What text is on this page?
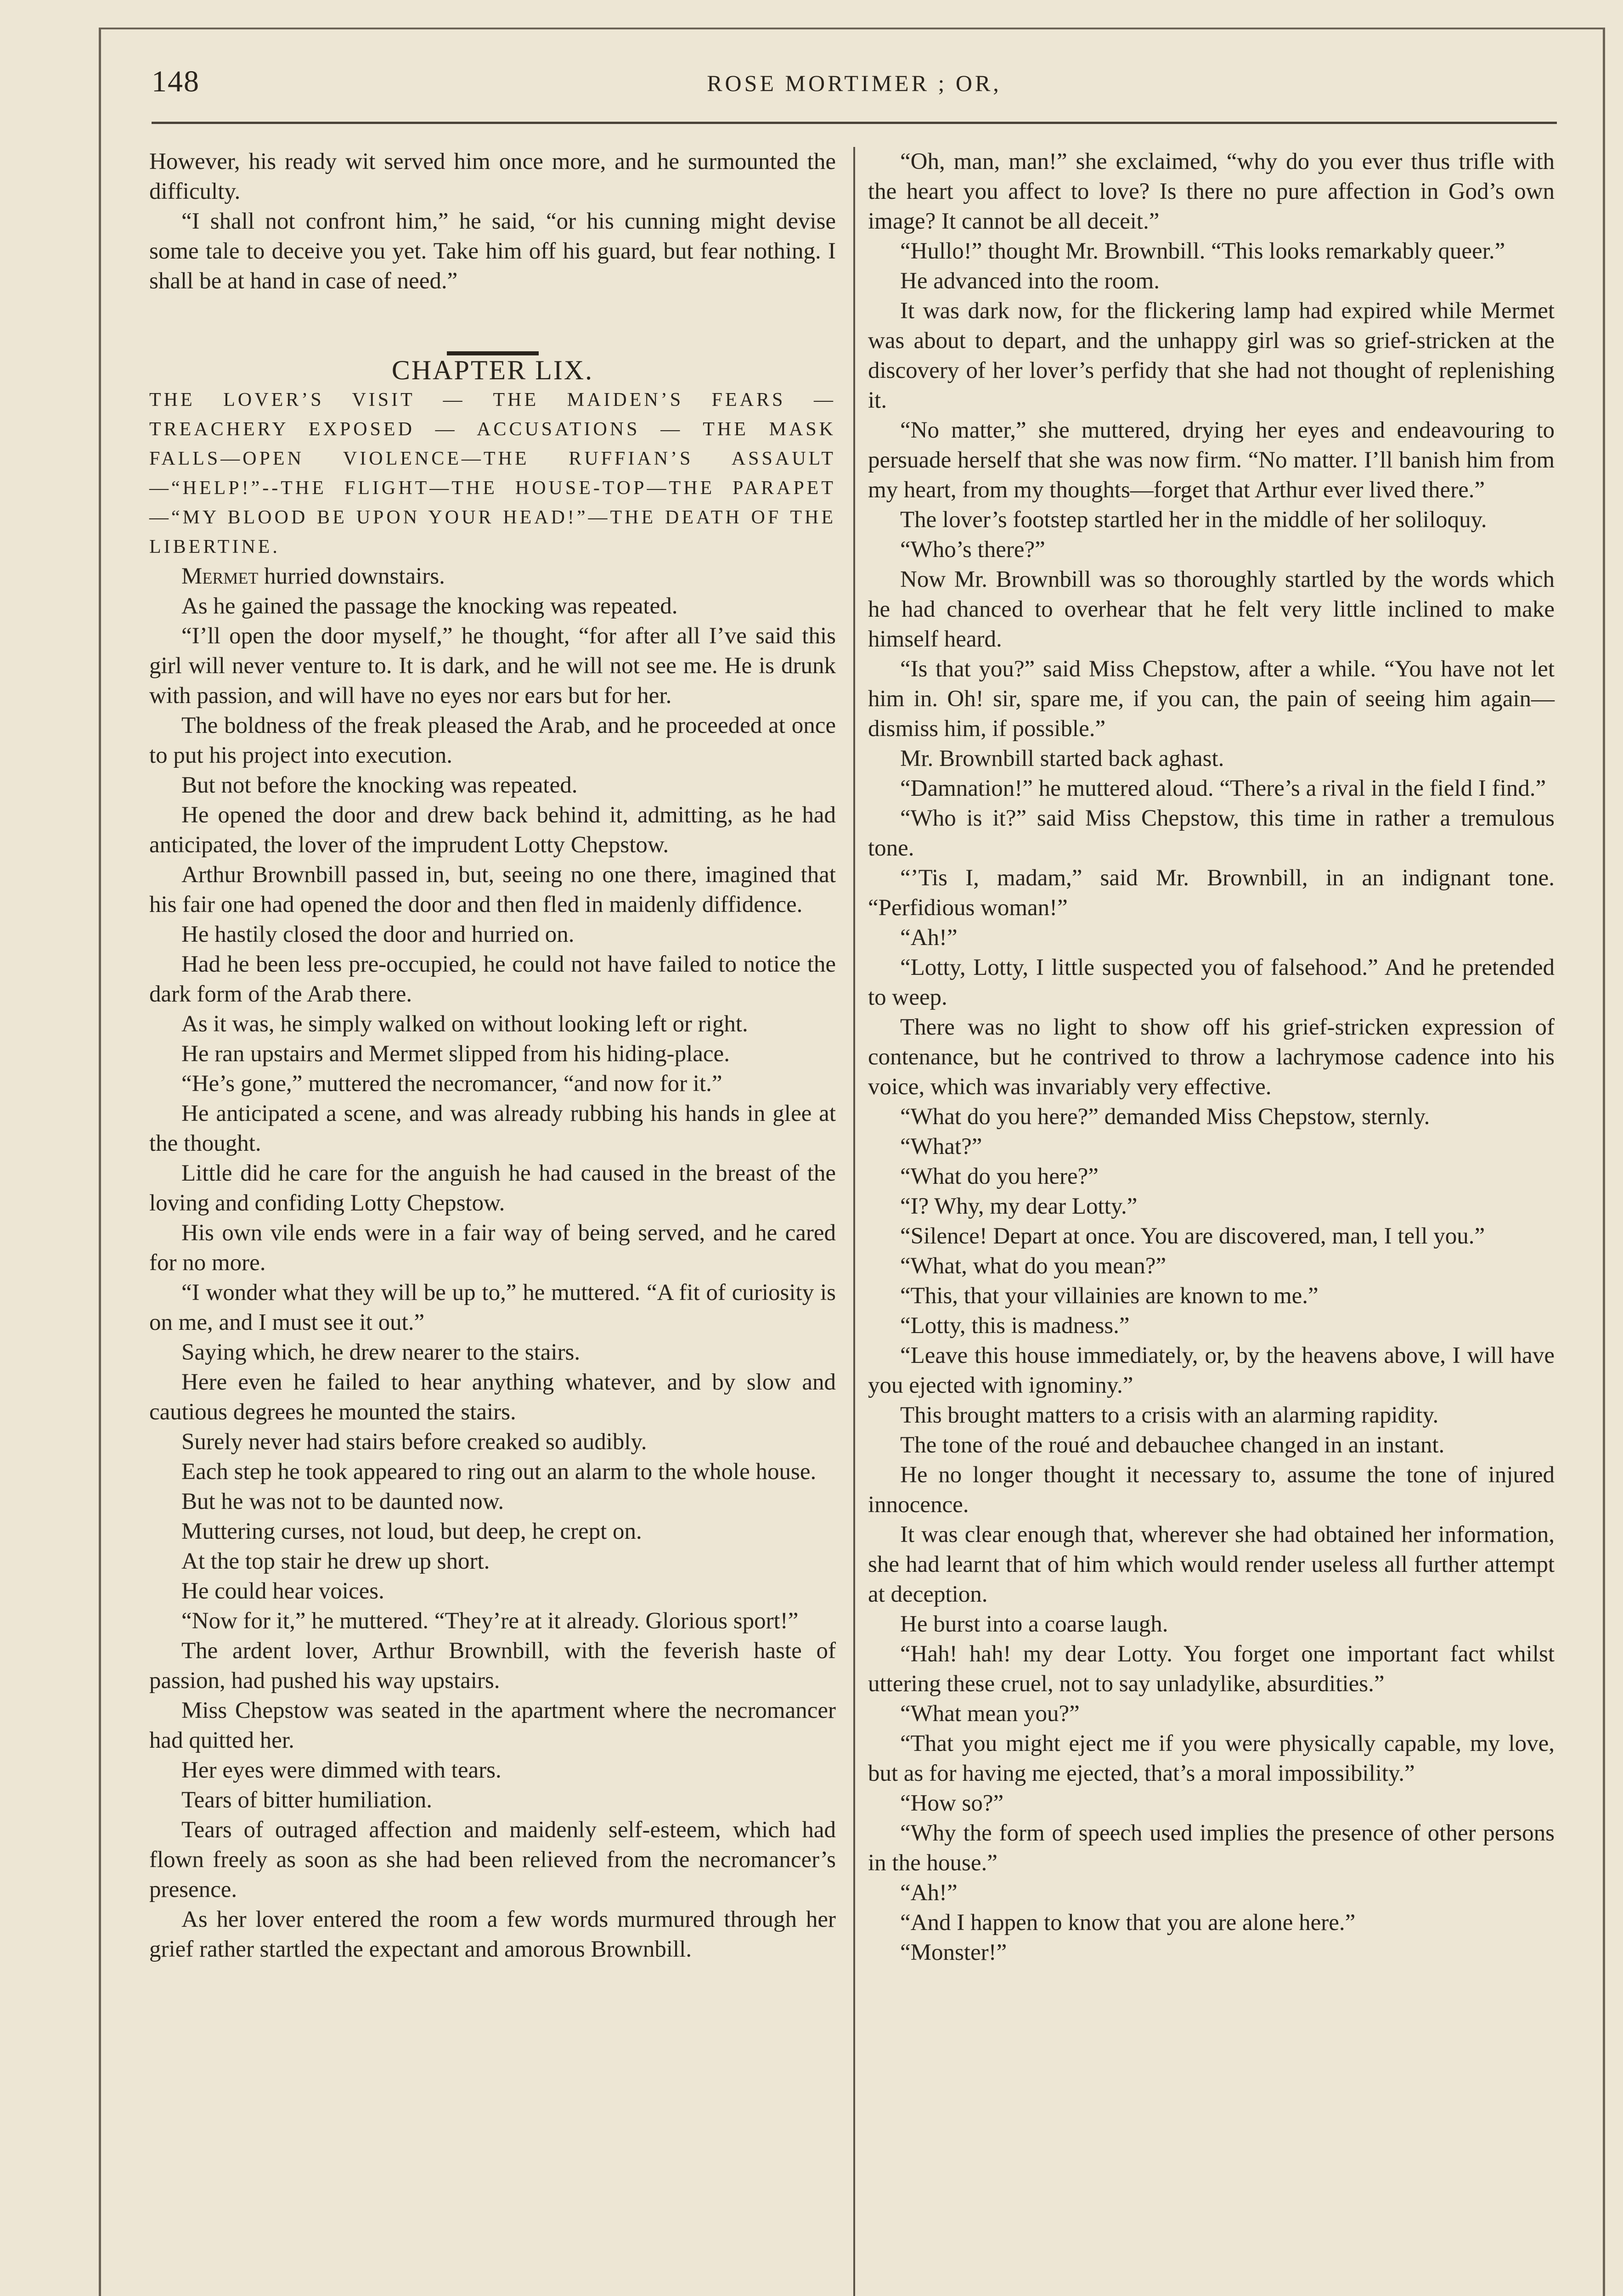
148	ROSE MORTIMER ; OR,

However, his ready wit served him once more, and he surmounted the difficulty.

“I shall not confront him,” he said, “or his cunning might devise some tale to deceive you yet. Take him off his guard, but fear nothing. I shall be at hand in case of need.”

CHAPTER LIX.

THE LOVER’S VISIT — THE MAIDEN’S FEARS — TREACHERY EXPOSED — ACCUSATIONS — THE MASK FALLS—OPEN VIOLENCE—THE RUFFIAN’S ASSAULT—“HELP!”--THE FLIGHT—THE HOUSE-TOP—THE PARAPET—“MY BLOOD BE UPON YOUR HEAD!”—THE DEATH OF THE LIBERTINE.

Mermet hurried downstairs.

As he gained the passage the knocking was repeated.

“I’ll open the door myself,” he thought, “for after all I’ve said this girl will never venture to. It is dark, and he will not see me. He is drunk with passion, and will have no eyes nor ears but for her.

The boldness of the freak pleased the Arab, and he proceeded at once to put his project into execution.

But not before the knocking was repeated.

He opened the door and drew back behind it, admitting, as he had anticipated, the lover of the imprudent Lotty Chepstow.

Arthur Brownbill passed in, but, seeing no one there, imagined that his fair one had opened the door and then fled in maidenly diffidence.

He hastily closed the door and hurried on.

Had he been less pre-occupied, he could not have failed to notice the dark form of the Arab there.

As it was, he simply walked on without looking left or right.

He ran upstairs and Mermet slipped from his hiding-place.

“He’s gone,” muttered the necromancer, “and now for it.”

He anticipated a scene, and was already rubbing his hands in glee at the thought.

Little did he care for the anguish he had caused in the breast of the loving and confiding Lotty Chepstow.

His own vile ends were in a fair way of being served, and he cared for no more.

“I wonder what they will be up to,” he muttered. “A fit of curiosity is on me, and I must see it out.”

Saying which, he drew nearer to the stairs.

Here even he failed to hear anything whatever, and by slow and cautious degrees he mounted the stairs.

Surely never had stairs before creaked so audibly.

Each step he took appeared to ring out an alarm to the whole house.

But he was not to be daunted now.

Muttering curses, not loud, but deep, he crept on.

At the top stair he drew up short.

He could hear voices.

“Now for it,” he muttered. “They’re at it already. Glorious sport!”

The ardent lover, Arthur Brownbill, with the feverish haste of passion, had pushed his way upstairs.

Miss Chepstow was seated in the apartment where the necromancer had quitted her.

Her eyes were dimmed with tears.

Tears of bitter humiliation.

Tears of outraged affection and maidenly self-esteem, which had flown freely as soon as she had been relieved from the necromancer’s presence.

As her lover entered the room a few words murmured through her grief rather startled the expectant and amorous Brownbill.

“Oh, man, man!” she exclaimed, “why do you ever thus trifle with the heart you affect to love? Is there no pure affection in God’s own image? It cannot be all deceit.”

“Hullo!” thought Mr. Brownbill. “This looks remarkably queer.”

He advanced into the room.

It was dark now, for the flickering lamp had expired while Mermet was about to depart, and the unhappy girl was so grief-stricken at the discovery of her lover’s perfidy that she had not thought of replenishing it.

“No matter,” she muttered, drying her eyes and endeavouring to persuade herself that she was now firm. “No matter. I’ll banish him from my heart, from my thoughts—forget that Arthur ever lived there.”

The lover’s footstep startled her in the middle of her soliloquy.

“Who’s there?”

Now Mr. Brownbill was so thoroughly startled by the words which he had chanced to overhear that he felt very little inclined to make himself heard.

“Is that you?” said Miss Chepstow, after a while. “You have not let him in. Oh! sir, spare me, if you can, the pain of seeing him again—dismiss him, if possible.”

Mr. Brownbill started back aghast.

“Damnation!” he muttered aloud. “There’s a rival in the field I find.”

“Who is it?” said Miss Chepstow, this time in rather a tremulous tone.

“’Tis I, madam,” said Mr. Brownbill, in an indignant tone. “Perfidious woman!”

“Ah!”

“Lotty, Lotty, I little suspected you of falsehood.” And he pretended to weep.

There was no light to show off his grief-stricken expression of contenance, but he contrived to throw a lachrymose cadence into his voice, which was invariably very effective.

“What do you here?” demanded Miss Chepstow, sternly.

“What?”

“What do you here?”

“I? Why, my dear Lotty.”

“Silence! Depart at once. You are discovered, man, I tell you.”

“What, what do you mean?”

“This, that your villainies are known to me.”

“Lotty, this is madness.”

“Leave this house immediately, or, by the heavens above, I will have you ejected with ignominy.”

This brought matters to a crisis with an alarming rapidity.

The tone of the roué and debauchee changed in an instant.

He no longer thought it necessary to, assume the tone of injured innocence.

It was clear enough that, wherever she had obtained her information, she had learnt that of him which would render useless all further attempt at deception.

He burst into a coarse laugh.

“Hah! hah! my dear Lotty. You forget one important fact whilst uttering these cruel, not to say unladylike, absurdities.”

“What mean you?”

“That you might eject me if you were physically capable, my love, but as for having me ejected, that’s a moral impossibility.”

“How so?”

“Why the form of speech used implies the presence of other persons in the house.”

“Ah!”

“And I happen to know that you are alone here.”

“Monster!”
